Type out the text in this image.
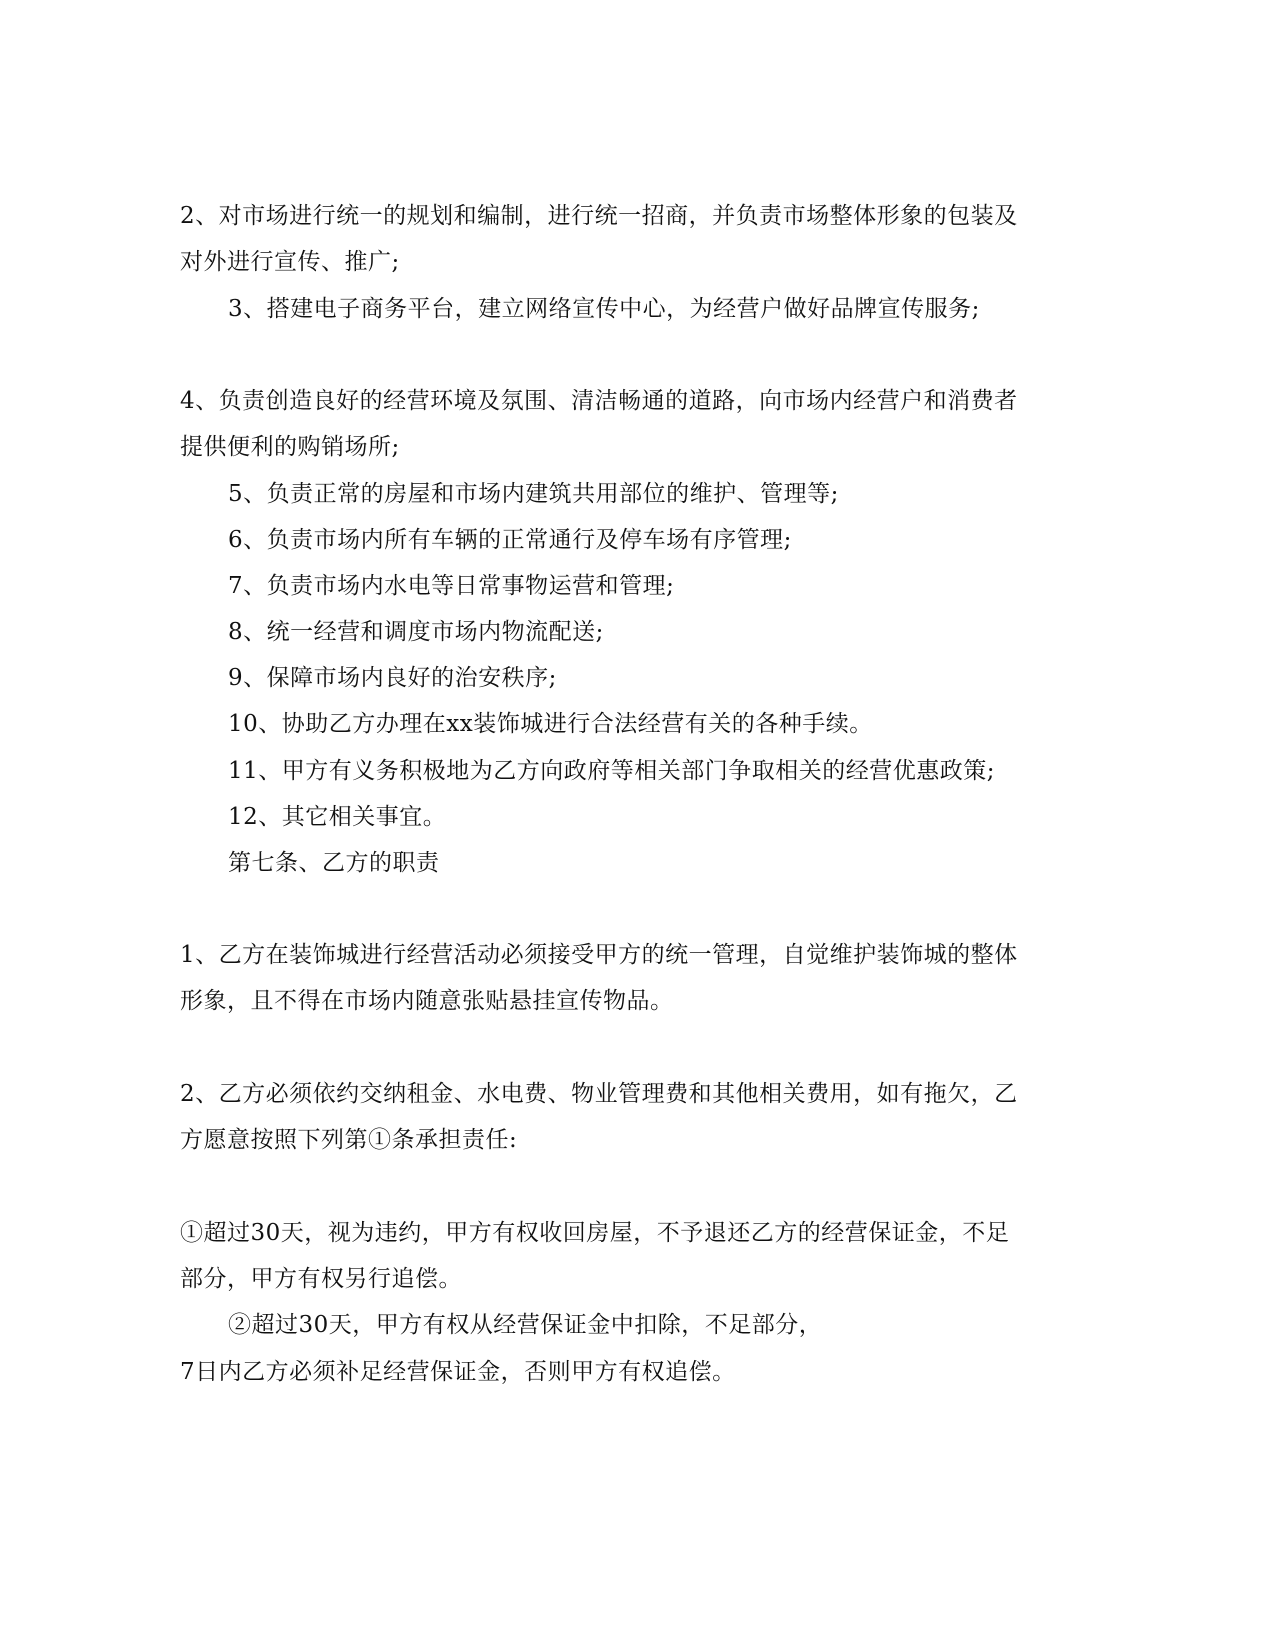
2、对市场进行统一的规划和编制，进行统一招商，并负责市场整体形象的包装及
对外进行宣传、推广;
3、搭建电子商务平台，建立网络宣传中心，为经营户做好品牌宣传服务;
4、负责创造良好的经营环境及氛围、清洁畅通的道路，向市场内经营户和消费者
提供便利的购销场所;
5、负责正常的房屋和市场内建筑共用部位的维护、管理等;
6、负责市场内所有车辆的正常通行及停车场有序管理;
7、负责市场内水电等日常事物运营和管理;
8、统一经营和调度市场内物流配送;
9、保障市场内良好的治安秩序;
10、协助乙方办理在xx装饰城进行合法经营有关的各种手续。
11、甲方有义务积极地为乙方向政府等相关部门争取相关的经营优惠政策;
12、其它相关事宜。
第七条、乙方的职责
1、乙方在装饰城进行经营活动必须接受甲方的统一管理，自觉维护装饰城的整体
形象，且不得在市场内随意张贴悬挂宣传物品。
2、乙方必须依约交纳租金、水电费、物业管理费和其他相关费用，如有拖欠，乙
方愿意按照下列第①条承担责任:
①超过30天，视为违约，甲方有权收回房屋，不予退还乙方的经营保证金，不足
部分，甲方有权另行追偿。
②超过30天，甲方有权从经营保证金中扣除，不足部分，
7日内乙方必须补足经营保证金，否则甲方有权追偿。
